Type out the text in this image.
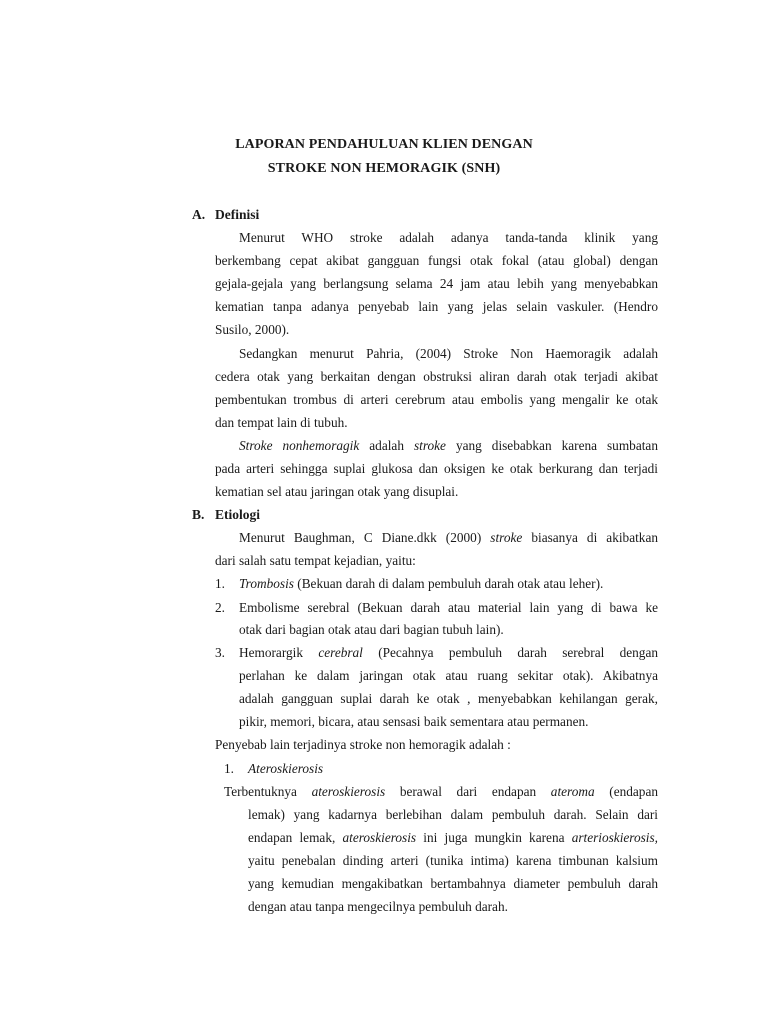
LAPORAN PENDAHULUAN KLIEN DENGAN
STROKE NON HEMORAGIK (SNH)
A. Definisi
Menurut WHO stroke adalah adanya tanda-tanda klinik yang
berkembang cepat akibat gangguan fungsi otak fokal (atau global) dengan
gejala-gejala yang berlangsung selama 24 jam atau lebih yang menyebabkan
kematian tanpa adanya penyebab lain yang jelas selain vaskuler. (Hendro
Susilo, 2000).
Sedangkan menurut Pahria, (2004) Stroke Non Haemoragik adalah
cedera otak yang berkaitan dengan obstruksi aliran darah otak terjadi akibat
pembentukan trombus di arteri cerebrum atau embolis yang mengalir ke otak
dan tempat lain di tubuh.
Stroke nonhemoragik adalah stroke yang disebabkan karena sumbatan
pada arteri sehingga suplai glukosa dan oksigen ke otak berkurang dan terjadi
kematian sel atau jaringan otak yang disuplai.
B. Etiologi
Menurut Baughman, C Diane.dkk (2000) stroke biasanya di akibatkan
dari salah satu tempat kejadian, yaitu:
1. Trombosis (Bekuan darah di dalam pembuluh darah otak atau leher).
2. Embolisme serebral (Bekuan darah atau material lain yang di bawa ke
otak dari bagian otak atau dari bagian tubuh lain).
3. Hemorargik cerebral (Pecahnya pembuluh darah serebral dengan
perlahan ke dalam jaringan otak atau ruang sekitar otak). Akibatnya
adalah gangguan suplai darah ke otak , menyebabkan kehilangan gerak,
pikir, memori, bicara, atau sensasi baik sementara atau permanen.
Penyebab lain terjadinya stroke non hemoragik adalah :
1. Ateroskierosis
Terbentuknya ateroskierosis berawal dari endapan ateroma (endapan
lemak) yang kadarnya berlebihan dalam pembuluh darah. Selain dari
endapan lemak, ateroskierosis ini juga mungkin karena arterioskierosis,
yaitu penebalan dinding arteri (tunika intima) karena timbunan kalsium
yang kemudian mengakibatkan bertambahnya diameter pembuluh darah
dengan atau tanpa mengecilnya pembuluh darah.
